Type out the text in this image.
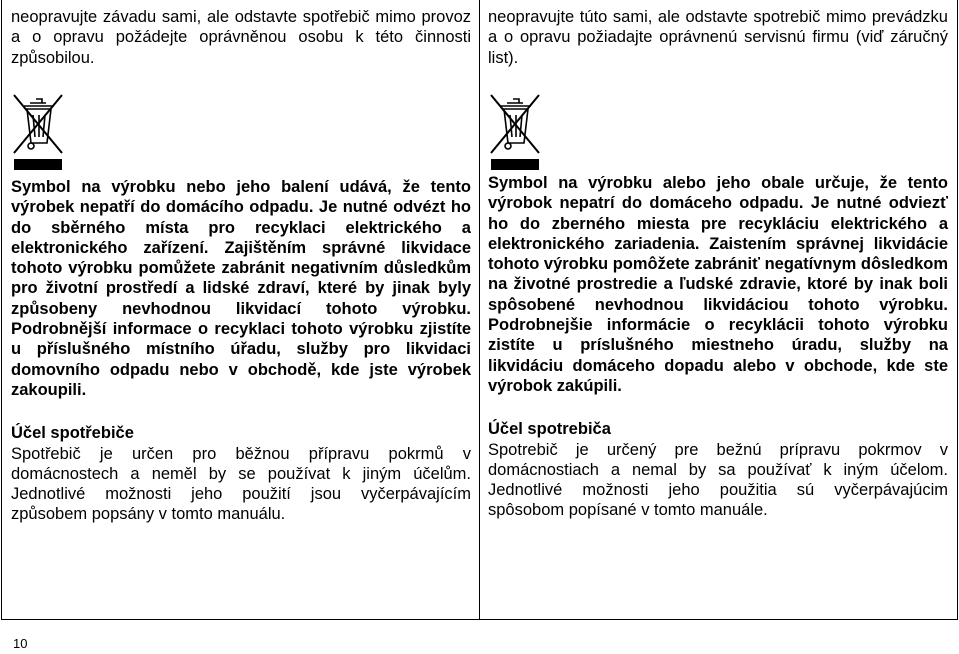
neopravujte závadu sami, ale odstavte spotřebič mimo provoz a o opravu požádejte oprávněnou osobu k této činnosti způsobilou.

Symbol na výrobku nebo jeho balení udává, že tento výrobek nepatří do domácího odpadu. Je nutné odvézt ho do sběrného místa pro recyklaci elektrického a elektronického zařízení. Zajištěním správné likvidace tohoto výrobku pomůžete zabránit negativním důsledkům pro životní prostředí a lidské zdraví, které by jinak byly způsobeny nevhodnou likvidací tohoto výrobku. Podrobnější informace o recyklaci tohoto výrobku zjistíte u příslušného místního úřadu, služby pro likvidaci domovního odpadu nebo v obchodě, kde jste výrobek zakoupili.

Účel spotřebiče

Spotřebič je určen pro běžnou přípravu pokrmů v domácnostech a neměl by se používat k jiným účelům. Jednotlivé možnosti jeho použití jsou vyčerpávajícím způsobem popsány v tomto manuálu.

neopravujte túto sami, ale odstavte spotrebič mimo prevádzku a o opravu požiadajte oprávnenú servisnú firmu (viď záručný list).

Symbol na výrobku alebo jeho obale určuje, že tento výrobok nepatrí do domáceho odpadu. Je nutné odviezť ho do zberného miesta pre recykláciu elektrického a elektronického zariadenia. Zaistením správnej likvidácie tohoto výrobku pomôžete zabrániť negatívnym dôsledkom na životné prostredie a ľudské zdravie, ktoré by inak boli spôsobené nevhodnou likvidáciou tohoto výrobku. Podrobnejšie informácie o recyklácii tohoto výrobku zistíte u príslušného miestneho úradu, služby na likvidáciu domáceho dopadu alebo v obchode, kde ste výrobok zakúpili.

Účel spotrebiča

Spotrebič je určený pre bežnú prípravu pokrmov v domácnostiach a nemal by sa používať k iným účelom. Jednotlivé možnosti jeho použitia sú vyčerpávajúcim spôsobom popísané v tomto manuále.

10
